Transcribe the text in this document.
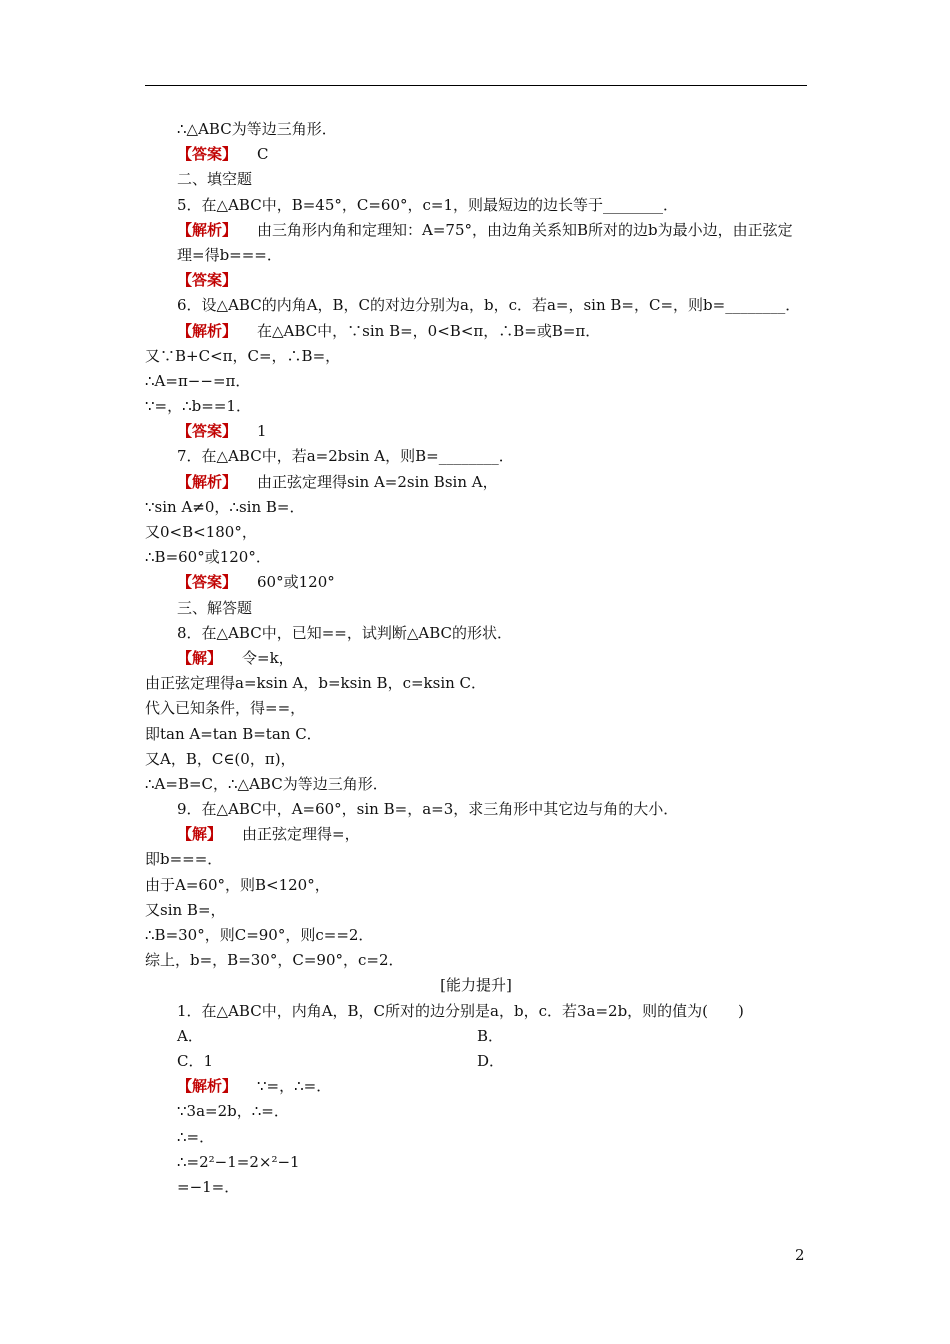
∴△ABC为等边三角形．
【答案】 C
二、填空题
5．在△ABC中，B=45°，C=60°，c=1，则最短边的边长等于________．
【解析】 由三角形内角和定理知：A=75°，由边角关系知B所对的边b为最小边，由正弦定理=得b===．
【答案】
6．设△ABC的内角A，B，C的对边分别为a，b，c．若a=，sin B=，C=，则b=________．
【解析】 在△ABC中，∵sin B=，0<B<π，∴B=或B=π．
又∵B+C<π，C=，∴B=，
∴A=π−−=π．
∵=，∴b==1．
【答案】 1
7．在△ABC中，若a=2bsin A，则B=________．
【解析】 由正弦定理得sin A=2sin Bsin A，
∵sin A≠0，∴sin B=．
又0<B<180°，
∴B=60°或120°．
【答案】 60°或120°
三、解答题
8．在△ABC中，已知==，试判断△ABC的形状．
【解】 令=k，
由正弦定理得a=ksin A，b=ksin B，c=ksin C．
代入已知条件，得==，
即tan A=tan B=tan C．
又A，B，C∈(0，π)，
∴A=B=C，∴△ABC为等边三角形．
9．在△ABC中，A=60°，sin B=，a=3，求三角形中其它边与角的大小．
【解】 由正弦定理得=，
即b===．
由于A=60°，则B<120°，
又sin B=，
∴B=30°，则C=90°，则c==2．
综上，b=，B=30°，C=90°，c=2．
[能力提升]
1．在△ABC中，内角A，B，C所对的边分别是a，b，c．若3a=2b，则的值为(　　)
A．	B．
C．1	D．
【解析】 ∵=，∴=．
∵3a=2b，∴=．
∴=．
∴=2²−1=2×²−1
=−1=．
2
